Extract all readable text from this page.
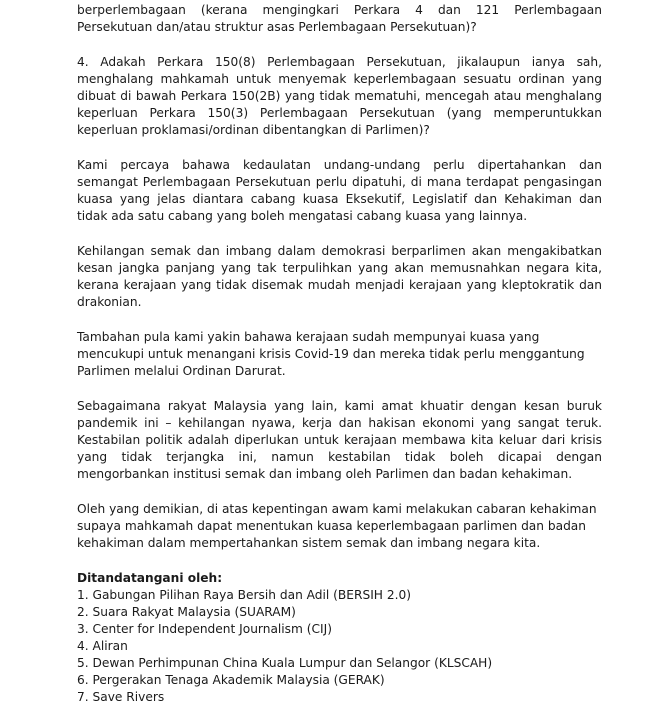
berperlembagaan (kerana mengingkari Perkara 4 dan 121 Perlembagaan Persekutuan dan/atau struktur asas Perlembagaan Persekutuan)?

4. Adakah Perkara 150(8) Perlembagaan Persekutuan, jikalaupun ianya sah, menghalang mahkamah untuk menyemak keperlembagaan sesuatu ordinan yang dibuat di bawah Perkara 150(2B) yang tidak mematuhi, mencegah atau menghalang keperluan Perkara 150(3) Perlembagaan Persekutuan (yang memperuntukkan keperluan proklamasi/ordinan dibentangkan di Parlimen)?

Kami percaya bahawa kedaulatan undang-undang perlu dipertahankan dan semangat Perlembagaan Persekutuan perlu dipatuhi, di mana terdapat pengasingan kuasa yang jelas diantara cabang kuasa Eksekutif, Legislatif dan Kehakiman dan tidak ada satu cabang yang boleh mengatasi cabang kuasa yang lainnya.

Kehilangan semak dan imbang dalam demokrasi berparlimen akan mengakibatkan kesan jangka panjang yang tak terpulihkan yang akan memusnahkan negara kita, kerana kerajaan yang tidak disemak mudah menjadi kerajaan yang kleptokratik dan drakonian.

Tambahan pula kami yakin bahawa kerajaan sudah mempunyai kuasa yang mencukupi untuk menangani krisis Covid-19 dan mereka tidak perlu menggantung Parlimen melalui Ordinan Darurat.

Sebagaimana rakyat Malaysia yang lain, kami amat khuatir dengan kesan buruk pandemik ini – kehilangan nyawa, kerja dan hakisan ekonomi yang sangat teruk. Kestabilan politik adalah diperlukan untuk kerajaan membawa kita keluar dari krisis yang tidak terjangka ini, namun kestabilan tidak boleh dicapai dengan mengorbankan institusi semak dan imbang oleh Parlimen dan badan kehakiman.

Oleh yang demikian, di atas kepentingan awam kami melakukan cabaran kehakiman supaya mahkamah dapat menentukan kuasa keperlembagaan parlimen dan badan kehakiman dalam mempertahankan sistem semak dan imbang negara kita.

Ditandatangani oleh:

1. Gabungan Pilihan Raya Bersih dan Adil (BERSIH 2.0)
2. Suara Rakyat Malaysia (SUARAM)
3. Center for Independent Journalism (CIJ)
4. Aliran
5. Dewan Perhimpunan China Kuala Lumpur dan Selangor (KLSCAH)
6. Pergerakan Tenaga Akademik Malaysia (GERAK)
7. Save Rivers
